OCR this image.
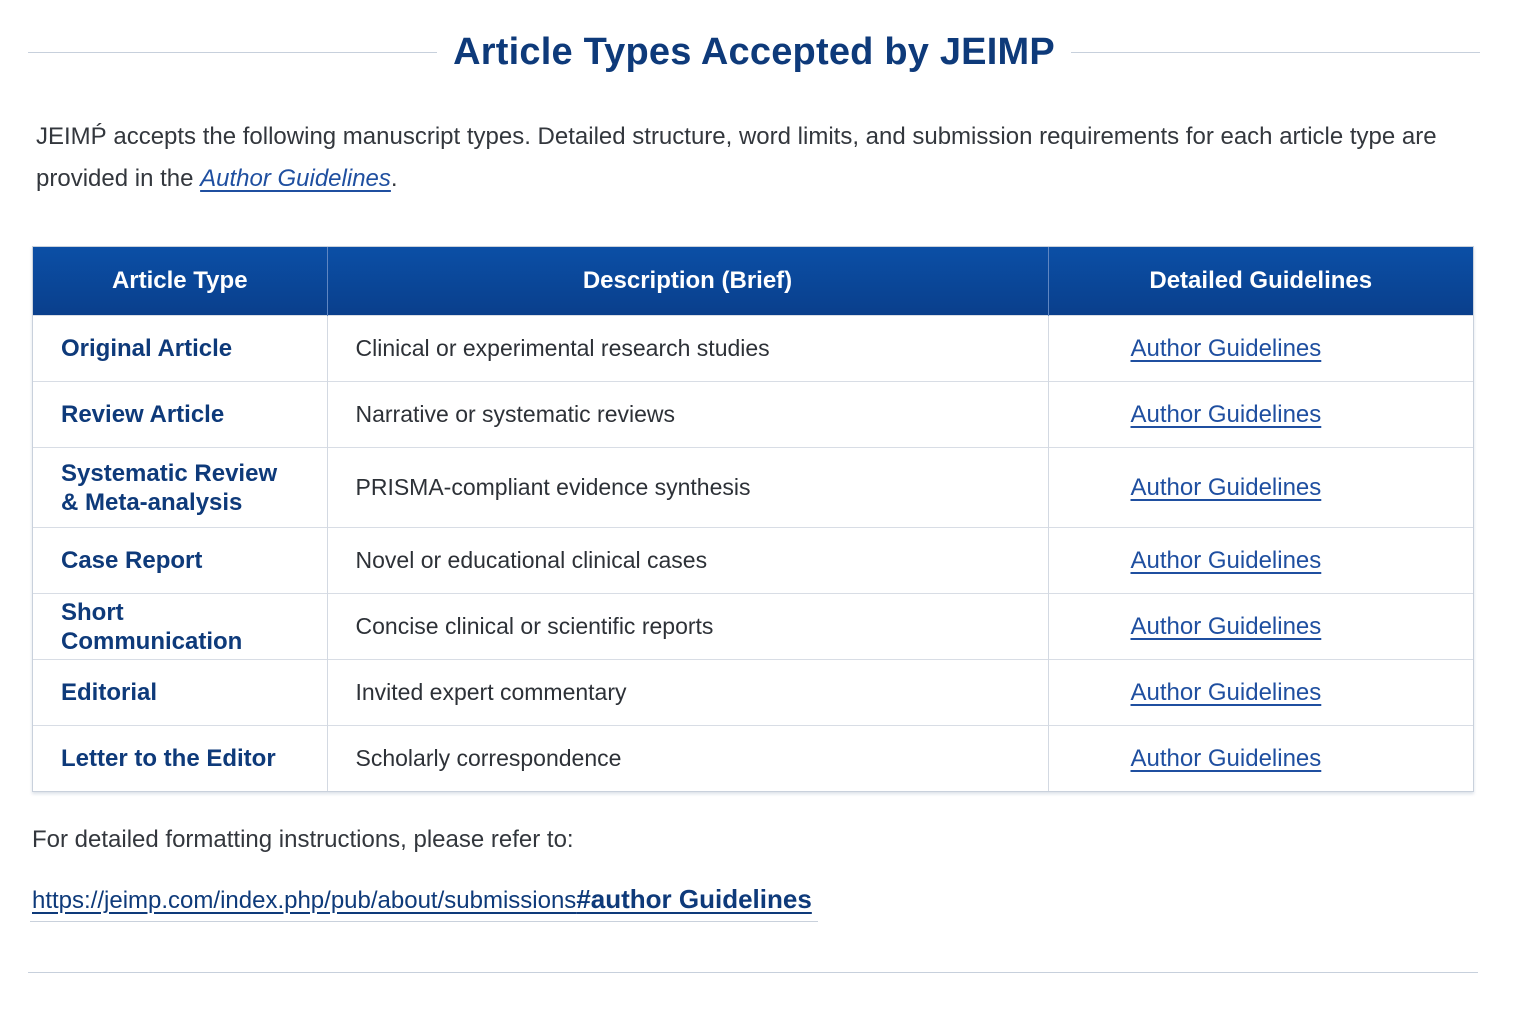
Article Types Accepted by JEIMP

JEIMṔ accepts the following manuscript types. Detailed structure, word limits, and submission requirements for each article type are provided in the Author Guidelines.

Article Type	Description (Brief)	Detailed Guidelines
Original Article	Clinical or experimental research studies	Author Guidelines
Review Article	Narrative or systematic reviews	Author Guidelines
Systematic Review & Meta-analysis	PRISMA-compliant evidence synthesis	Author Guidelines
Case Report	Novel or educational clinical cases	Author Guidelines
Short Communication	Concise clinical or scientific reports	Author Guidelines
Editorial	Invited expert commentary	Author Guidelines
Letter to the Editor	Scholarly correspondence	Author Guidelines
For detailed formatting instructions, please refer to:
https://jeimp.com/index.php/pub/about/submissions#author Guidelines
